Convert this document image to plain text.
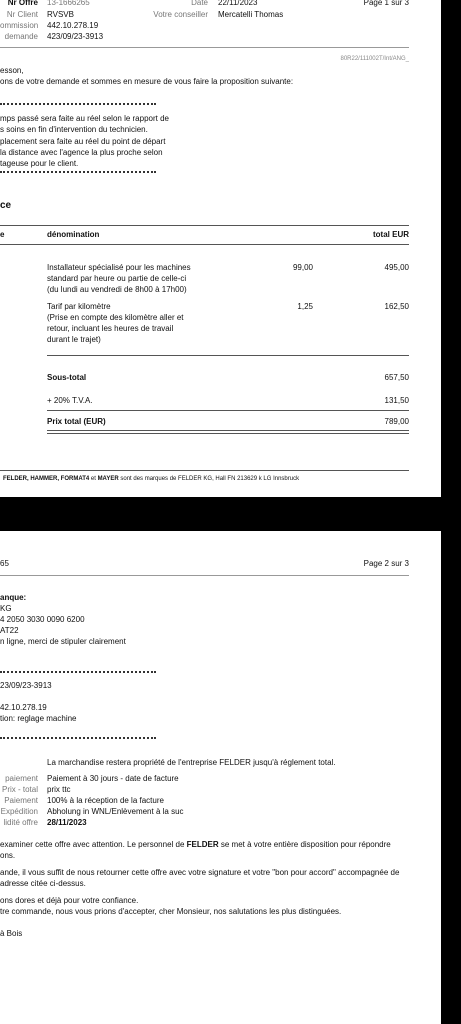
Nr Offre 13-1666265	Date 22/11/2023	Page 1 sur 3
Nr Client RVSVB	Votre conseiller Mercatelli Thomas
ommission 442.10.278.19
demande 423/09/23-3913
80R22/111002T/Int/ANG_
esson,
ons de votre demande et sommes en mesure de vous faire la proposition suivante:
mps passé sera faite au réel selon le rapport de
s soins en fin d'intervention du technicien.
placement sera faite au réel du point de départ
la distance avec l'agence la plus proche selon
tageuse pour le client.
ce
e	dénomination	total EUR
Installateur spécialisé pour les machines
standard par heure ou partie de celle-ci
(du lundi au vendredi de 8h00 à 17h00)
99,00	495,00
Tarif par kilomètre
(Prise en compte des kilomètre aller et
retour, incluant les heures de travail
durant le trajet)
1,25	162,50
Sous-total	657,50
+ 20% T.V.A.	131,50
Prix total (EUR)	789,00
FELDER, HAMMER, FORMAT4 et MAYER sont des marques de FELDER KG, Hall FN 213629 k LG Innsbruck
65	Page 2 sur 3
anque:
KG
4 2050 3030 0090 6200
AT22
n ligne, merci de stipuler clairement
23/09/23-3913
42.10.278.19
tion: reglage machine
La marchandise restera propriété de l'entreprise FELDER jusqu'à réglement total.
paiement Paiement à 30 jours - date de facture
Prix - total prix ttc
Paiement 100% à la réception de la facture
Expédition Abholung in WNL/Enlèvement à la suc
lidité offre 28/11/2023
examiner cette offre avec attention. Le personnel de FELDER se met à votre entière disposition pour répondre
ons.
ande, il vous suffit de nous retourner cette offre avec votre signature et votre "bon pour accord" accompagnée de
adresse citée ci-dessus.
ons dores et déjà pour votre confiance.
tre commande, nous vous prions d'accepter, cher Monsieur, nos salutations les plus distinguées.
à Bois
